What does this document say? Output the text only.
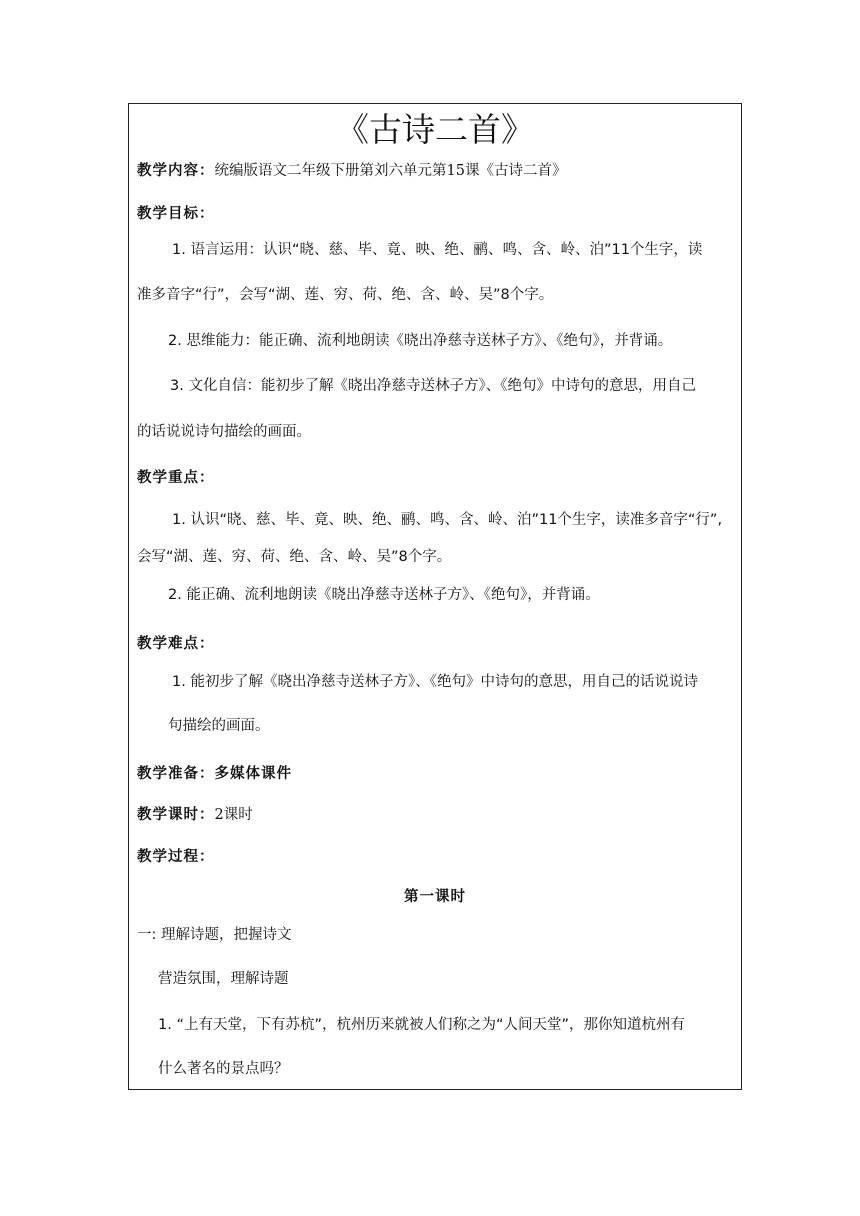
《古诗二首》
教学内容：统编版语文二年级下册第刘六单元第15课《古诗二首》
教学目标：
1. 语言运用：认识“晓、慈、毕、竟、映、绝、鹂、鸣、含、岭、泊”11个生字，读
准多音字“行”，会写“湖、莲、穷、荷、绝、含、岭、吴”8个字。
2. 思维能力：能正确、流利地朗读《晓出净慈寺送林子方》、《绝句》，并背诵。
3. 文化自信：能初步了解《晓出净慈寺送林子方》、《绝句》中诗句的意思，用自己
的话说说诗句描绘的画面。
教学重点：
1. 认识“晓、慈、毕、竟、映、绝、鹂、鸣、含、岭、泊”11个生字，读准多音字“行”,
会写“湖、莲、穷、荷、绝、含、岭、吴”8个字。
2. 能正确、流利地朗读《晓出净慈寺送林子方》、《绝句》，并背诵。
教学难点：
1. 能初步了解《晓出净慈寺送林子方》、《绝句》中诗句的意思，用自己的话说说诗
句描绘的画面。
教学准备：多媒体课件
教学课时：2课时
教学过程：
第一课时
一: 理解诗题，把握诗文
营造氛围，理解诗题
1. “上有天堂，下有苏杭”，杭州历来就被人们称之为“人间天堂”，那你知道杭州有
什么著名的景点吗？
